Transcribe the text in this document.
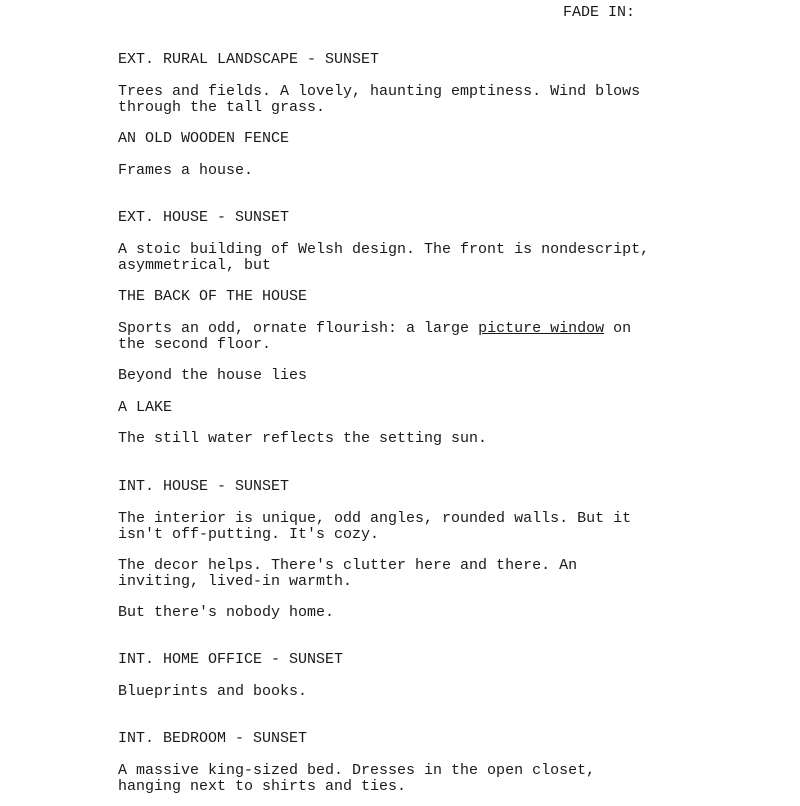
FADE IN:
EXT. RURAL LANDSCAPE - SUNSET
Trees and fields. A lovely, haunting emptiness. Wind blows
through the tall grass.
AN OLD WOODEN FENCE
Frames a house.
EXT. HOUSE - SUNSET
A stoic building of Welsh design. The front is nondescript,
asymmetrical, but
THE BACK OF THE HOUSE
Sports an odd, ornate flourish: a large picture window on
the second floor.
Beyond the house lies
A LAKE
The still water reflects the setting sun.
INT. HOUSE - SUNSET
The interior is unique, odd angles, rounded walls. But it
isn't off-putting. It's cozy.
The decor helps. There's clutter here and there. An
inviting, lived-in warmth.
But there's nobody home.
INT. HOME OFFICE - SUNSET
Blueprints and books.
INT. BEDROOM - SUNSET
A massive king-sized bed. Dresses in the open closet,
hanging next to shirts and ties.
